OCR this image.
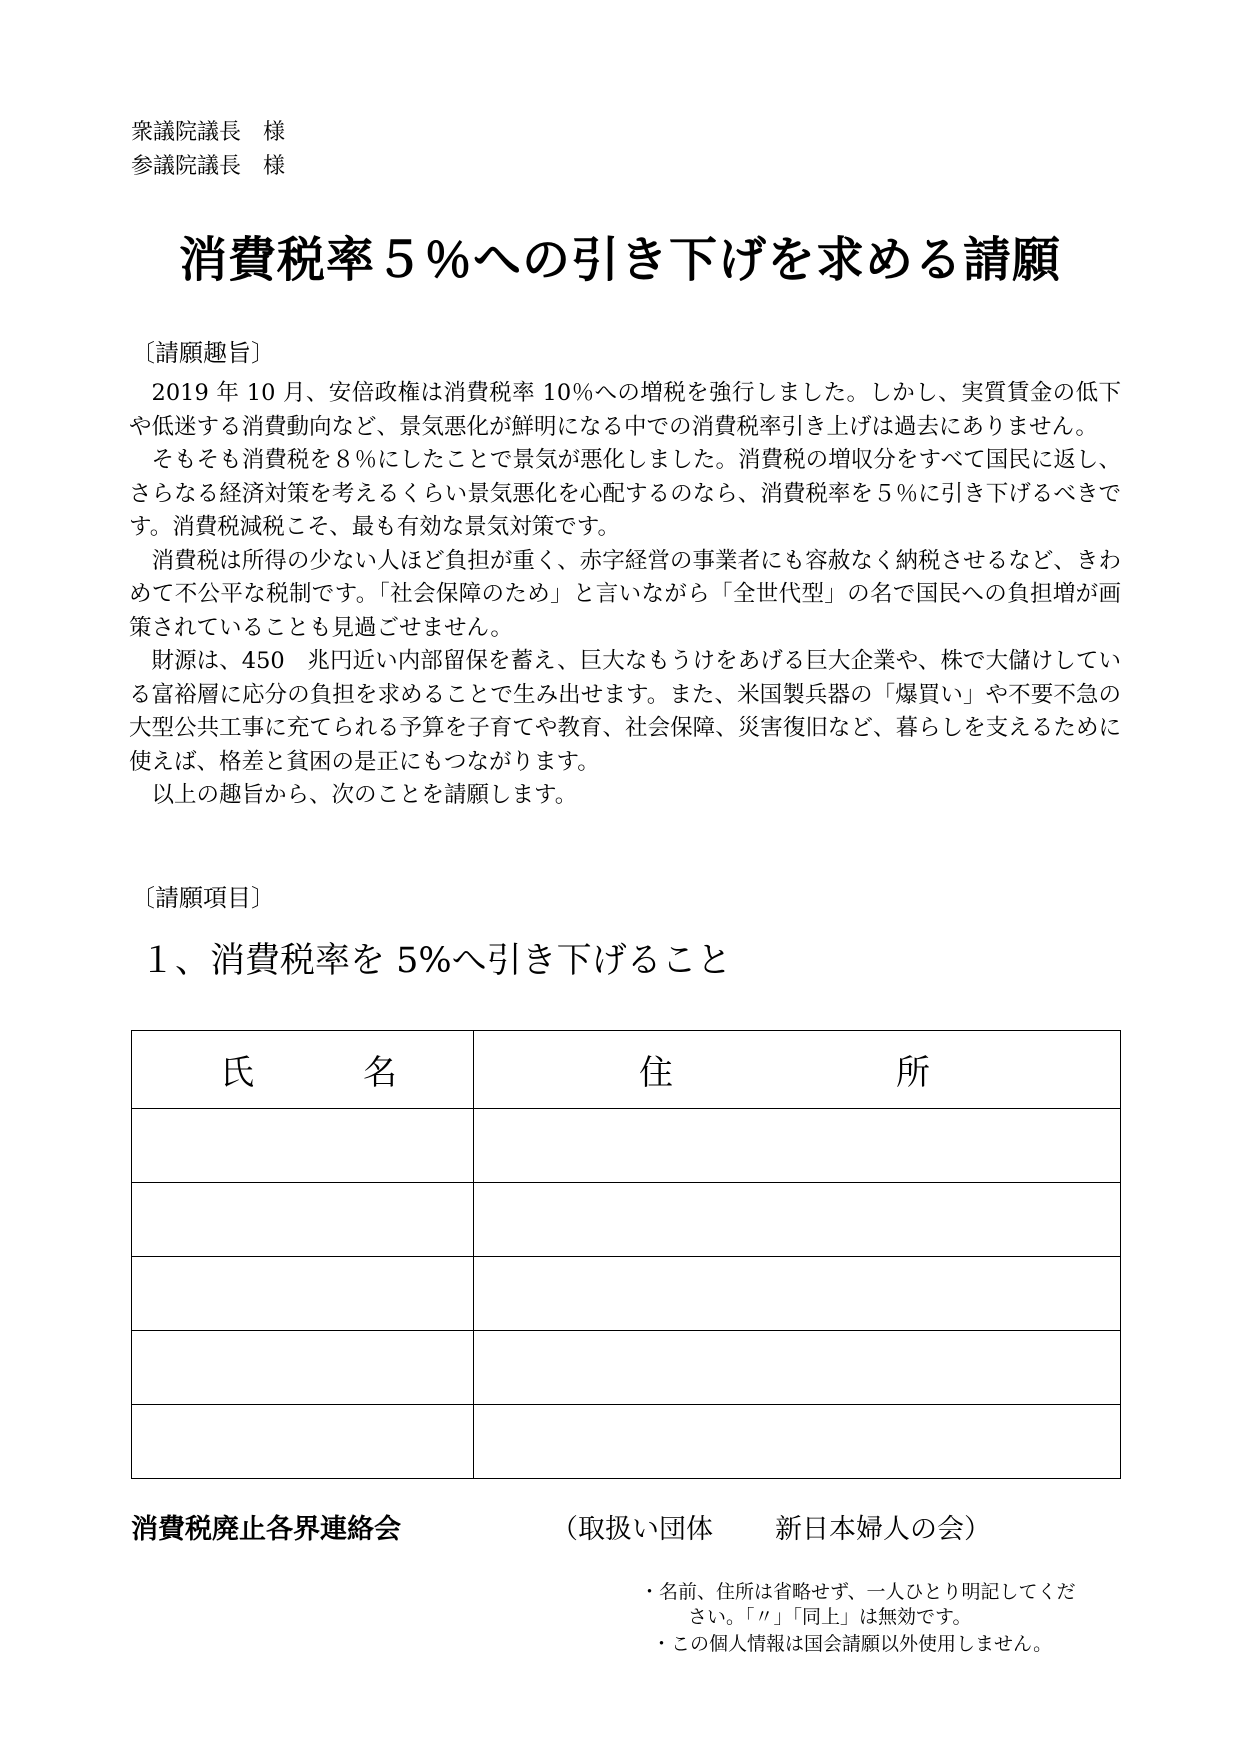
衆議院議長　様
参議院議長　様
消費税率５％への引き下げを求める請願
〔請願趣旨〕

2019 年 10 月、安倍政権は消費税率 10％への増税を強行しました。しかし、実質賃金の低下や低迷する消費動向など、景気悪化が鮮明になる中での消費税率引き上げは過去にありません。

そもそも消費税を８％にしたことで景気が悪化しました。消費税の増収分をすべて国民に返し、さらなる経済対策を考えるくらい景気悪化を心配するのなら、消費税率を５％に引き下げるべきです。消費税減税こそ、最も有効な景気対策です。

消費税は所得の少ない人ほど負担が重く、赤字経営の事業者にも容赦なく納税させるなど、きわめて不公平な税制です。「社会保障のため」と言いながら「全世代型」の名で国民への負担増が画策されていることも見過ごせません。

財源は、450　兆円近い内部留保を蓄え、巨大なもうけをあげる巨大企業や、株で大儲けしている富裕層に応分の負担を求めることで生み出せます。また、米国製兵器の「爆買い」や不要不急の大型公共工事に充てられる予算を子育てや教育、社会保障、災害復旧など、暮らしを支えるために使えば、格差と貧困の是正にもつながります。

以上の趣旨から、次のことを請願します。

〔請願項目〕
１、消費税率を 5%へ引き下げること
氏 名	住 所

消費税廃止各界連絡会	（取扱い団体 新日本婦人の会）
・名前、住所は省略せず、一人ひとり明記してくだ
さい。「〃」「同上」は無効です。
・この個人情報は国会請願以外使用しません。
